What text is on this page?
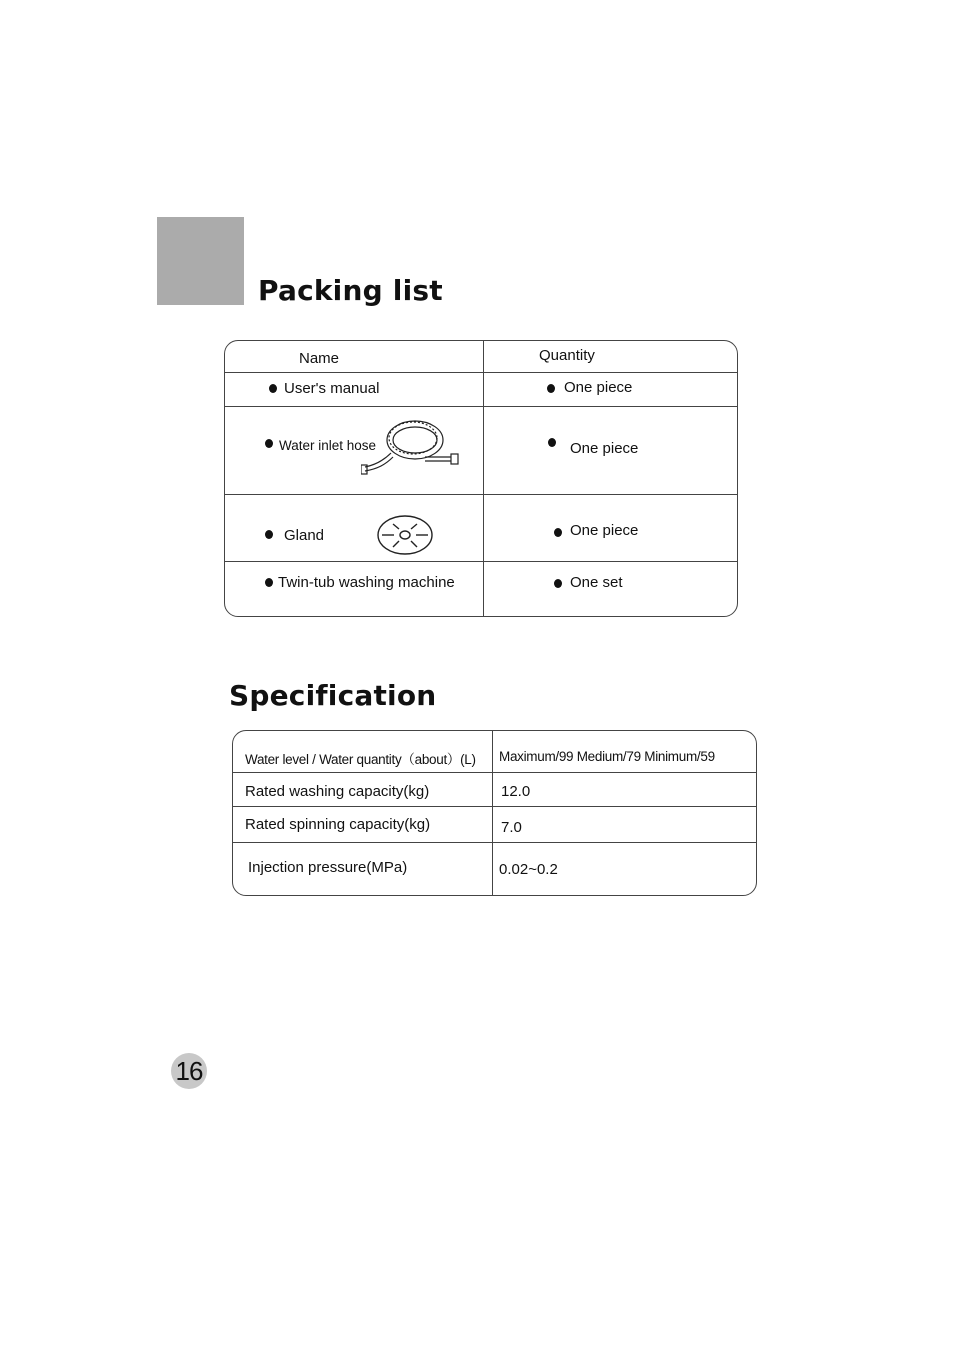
Packing list
Name	Quantity
User's manual	One piece
Water inlet hose	One piece
Gland	One piece
Twin-tub washing machine	One set
Specification
Water level / Water quantity（about）(L) Maximum/99 Medium/79 Minimum/59
Rated washing capacity(kg)	12.0
Rated spinning capacity(kg)	7.0
Injection pressure(MPa)	0.02~0.2
16
